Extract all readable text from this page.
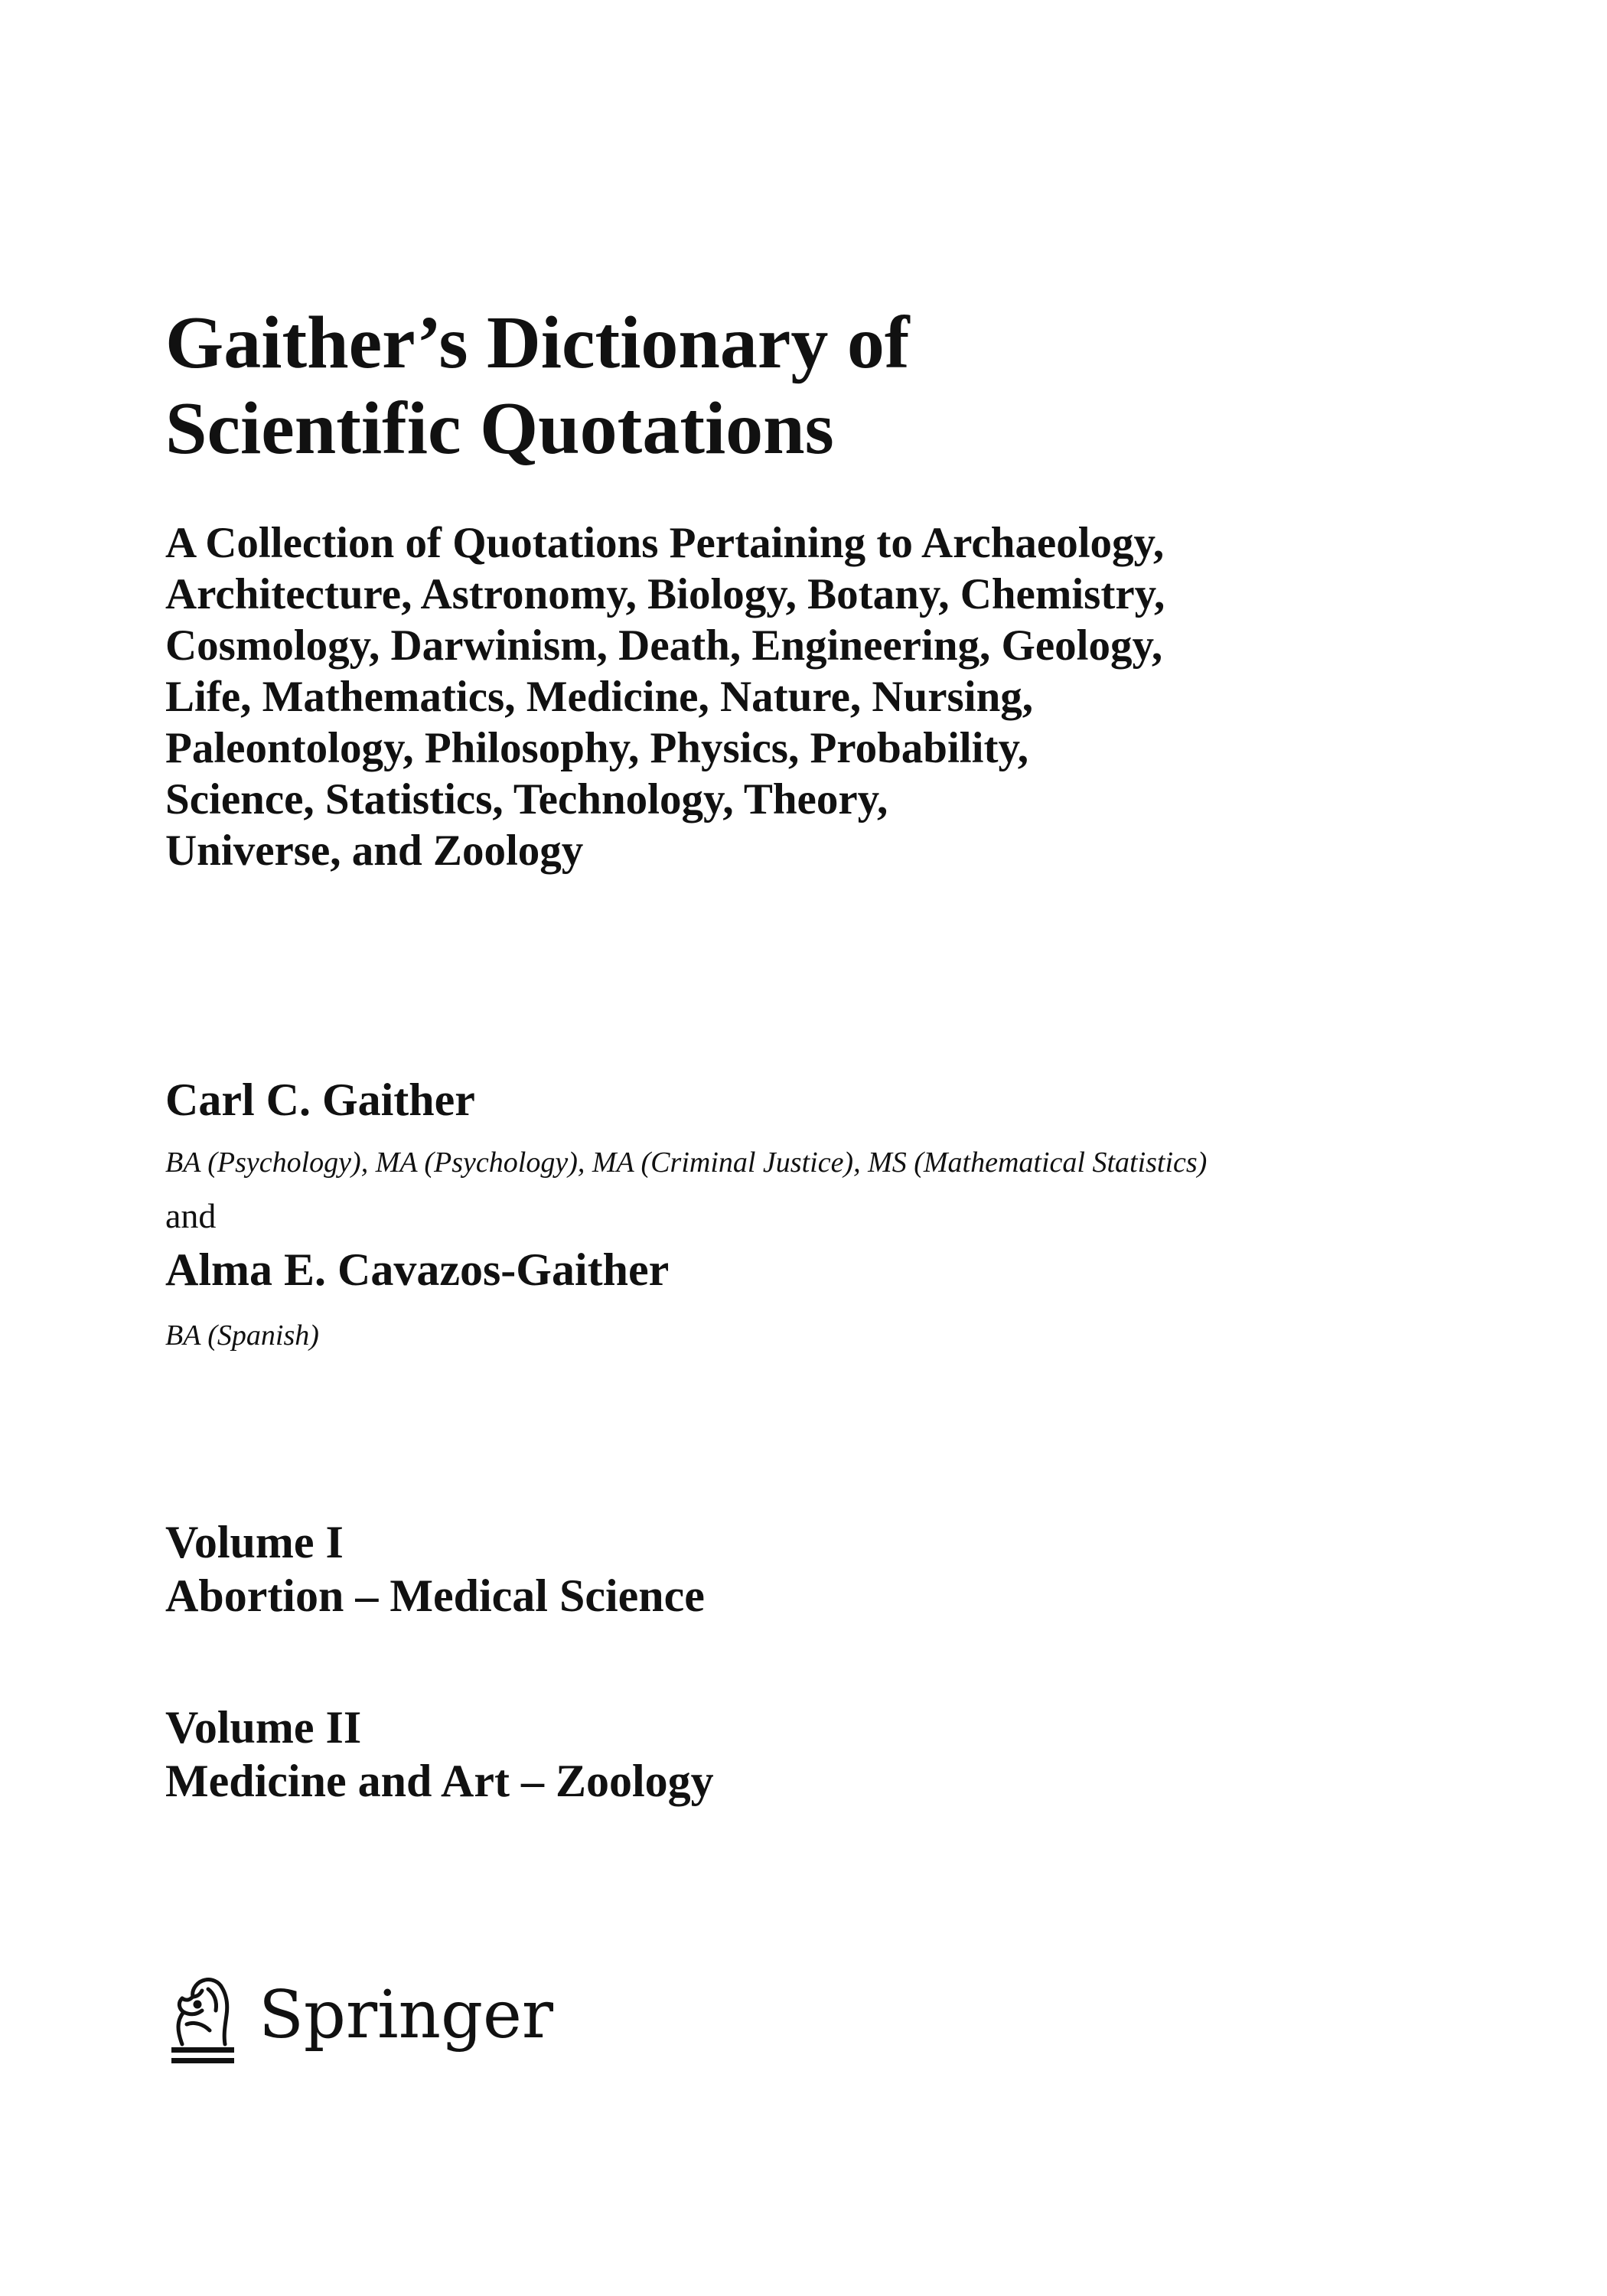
Gaither’s Dictionary of
Scientific Quotations
A Collection of Quotations Pertaining to Archaeology,
Architecture, Astronomy, Biology, Botany, Chemistry,
Cosmology, Darwinism, Death, Engineering, Geology,
Life, Mathematics, Medicine, Nature, Nursing,
Paleontology, Philosophy, Physics, Probability,
Science, Statistics, Technology, Theory,
Universe, and Zoology
Carl C. Gaither
BA (Psychology), MA (Psychology), MA (Criminal Justice), MS (Mathematical Statistics)
and
Alma E. Cavazos-Gaither
BA (Spanish)
Volume I
Abortion – Medical Science
Volume II
Medicine and Art – Zoology
Springer
